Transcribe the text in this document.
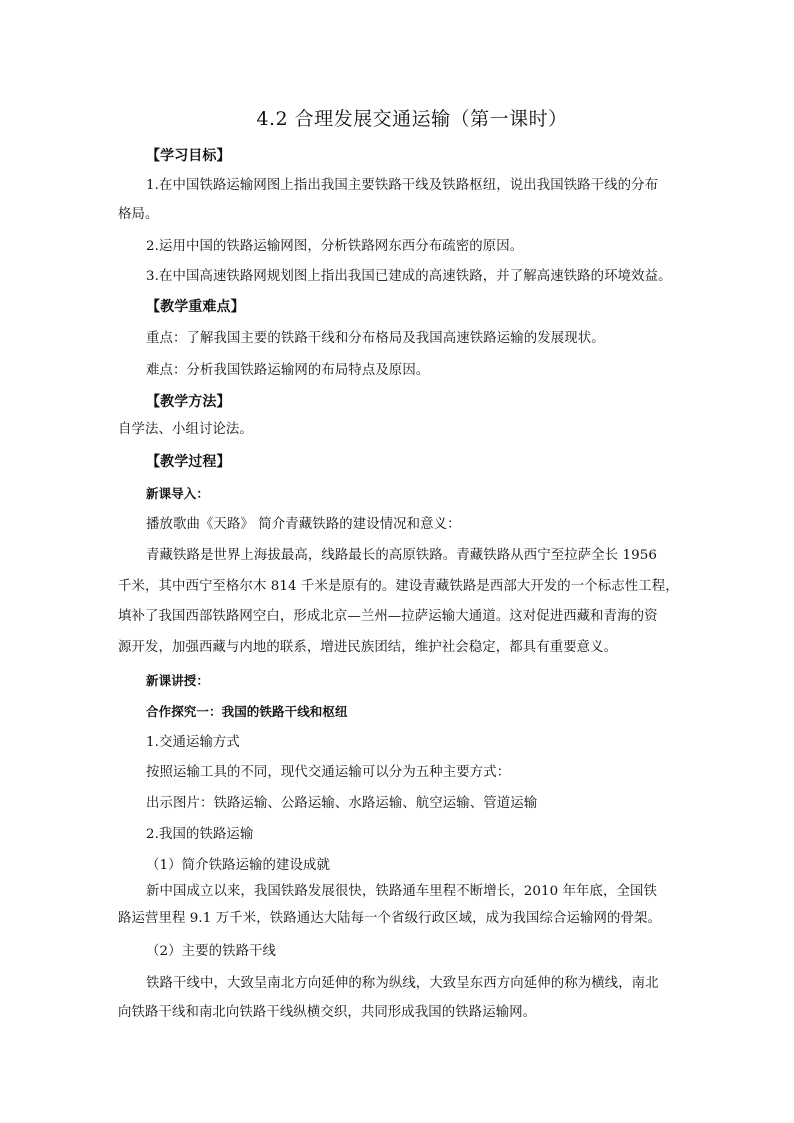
4.2 合理发展交通运输（第一课时）
【学习目标】
1.在中国铁路运输网图上指出我国主要铁路干线及铁路枢纽，说出我国铁路干线的分布
格局。
2.运用中国的铁路运输网图，分析铁路网东西分布疏密的原因。
3.在中国高速铁路网规划图上指出我国已建成的高速铁路，并了解高速铁路的环境效益。
【教学重难点】
重点：了解我国主要的铁路干线和分布格局及我国高速铁路运输的发展现状。
难点：分析我国铁路运输网的布局特点及原因。
【教学方法】
自学法、小组讨论法。
【教学过程】
新课导入：
播放歌曲《天路》 简介青藏铁路的建设情况和意义：
青藏铁路是世界上海拔最高，线路最长的高原铁路。青藏铁路从西宁至拉萨全长 1956
千米，其中西宁至格尔木 814 千米是原有的。建设青藏铁路是西部大开发的一个标志性工程，
填补了我国西部铁路网空白，形成北京—兰州—拉萨运输大通道。这对促进西藏和青海的资
源开发，加强西藏与内地的联系，增进民族团结，维护社会稳定，都具有重要意义。
新课讲授：
合作探究一：我国的铁路干线和枢纽
1.交通运输方式
按照运输工具的不同，现代交通运输可以分为五种主要方式：
出示图片：铁路运输、公路运输、水路运输、航空运输、管道运输
2.我国的铁路运输
（1）简介铁路运输的建设成就
新中国成立以来，我国铁路发展很快，铁路通车里程不断增长，2010 年年底，全国铁
路运营里程 9.1 万千米，铁路通达大陆每一个省级行政区域，成为我国综合运输网的骨架。
（2）主要的铁路干线
铁路干线中，大致呈南北方向延伸的称为纵线，大致呈东西方向延伸的称为横线，南北
向铁路干线和南北向铁路干线纵横交织，共同形成我国的铁路运输网。
